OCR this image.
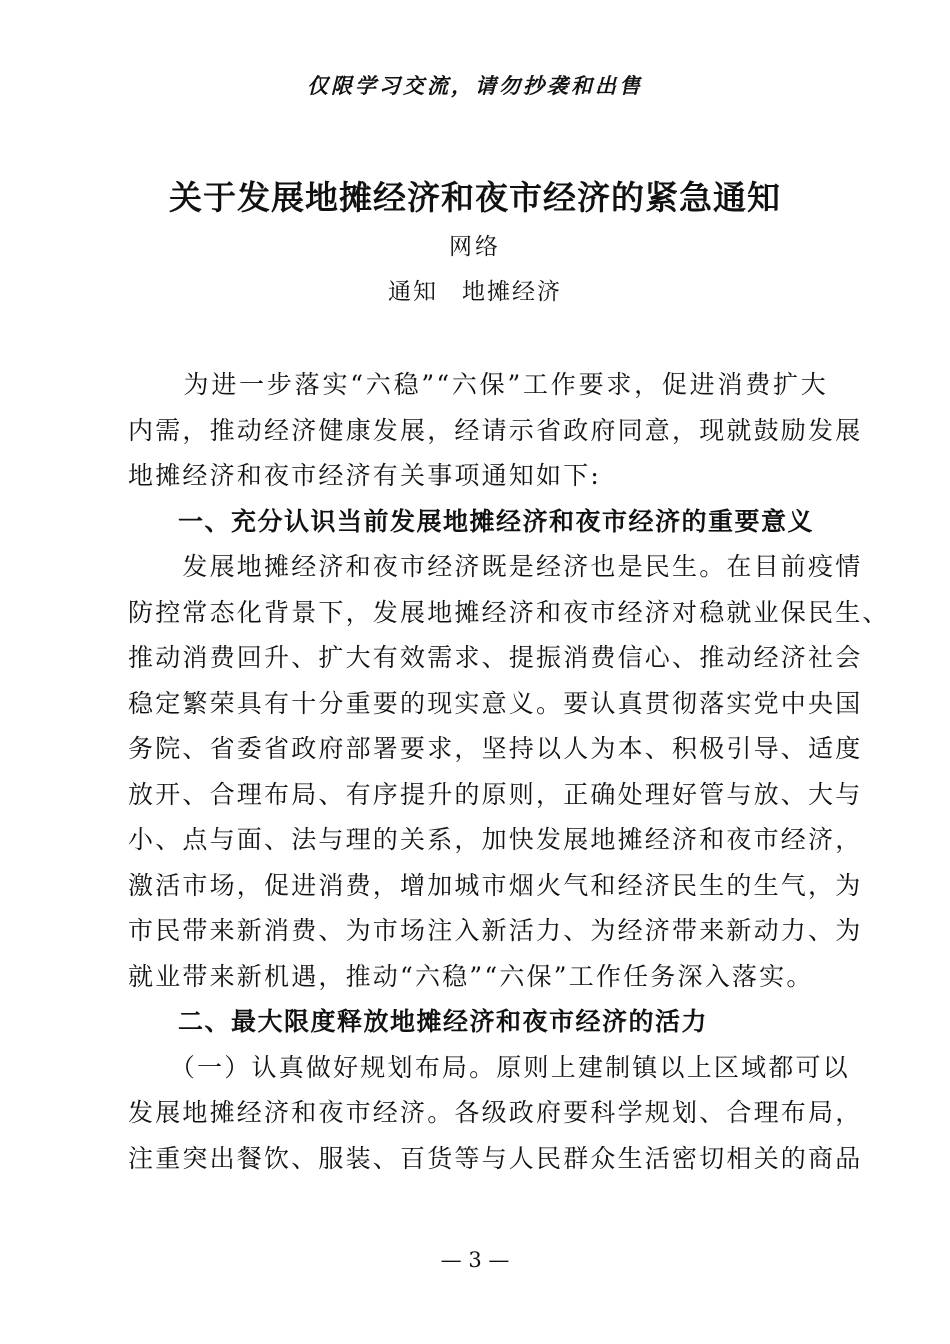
仅限学习交流，请勿抄袭和出售
关于发展地摊经济和夜市经济的紧急通知
网络
通知 地摊经济
　　为进一步落实“六稳”“六保”工作要求，促进消费扩大
内需，推动经济健康发展，经请示省政府同意，现就鼓励发展
地摊经济和夜市经济有关事项通知如下:
一、充分认识当前发展地摊经济和夜市经济的重要意义
　　发展地摊经济和夜市经济既是经济也是民生。在目前疫情
防控常态化背景下，发展地摊经济和夜市经济对稳就业保民生、
推动消费回升、扩大有效需求、提振消费信心、推动经济社会
稳定繁荣具有十分重要的现实意义。要认真贯彻落实党中央国
务院、省委省政府部署要求，坚持以人为本、积极引导、适度
放开、合理布局、有序提升的原则，正确处理好管与放、大与
小、点与面、法与理的关系，加快发展地摊经济和夜市经济，
激活市场，促进消费，增加城市烟火气和经济民生的生气，为
市民带来新消费、为市场注入新活力、为经济带来新动力、为
就业带来新机遇，推动“六稳”“六保”工作任务深入落实。
二、最大限度释放地摊经济和夜市经济的活力
　　（一）认真做好规划布局。原则上建制镇以上区域都可以
发展地摊经济和夜市经济。各级政府要科学规划、合理布局，
注重突出餐饮、服装、百货等与人民群众生活密切相关的商品
— 3 —
